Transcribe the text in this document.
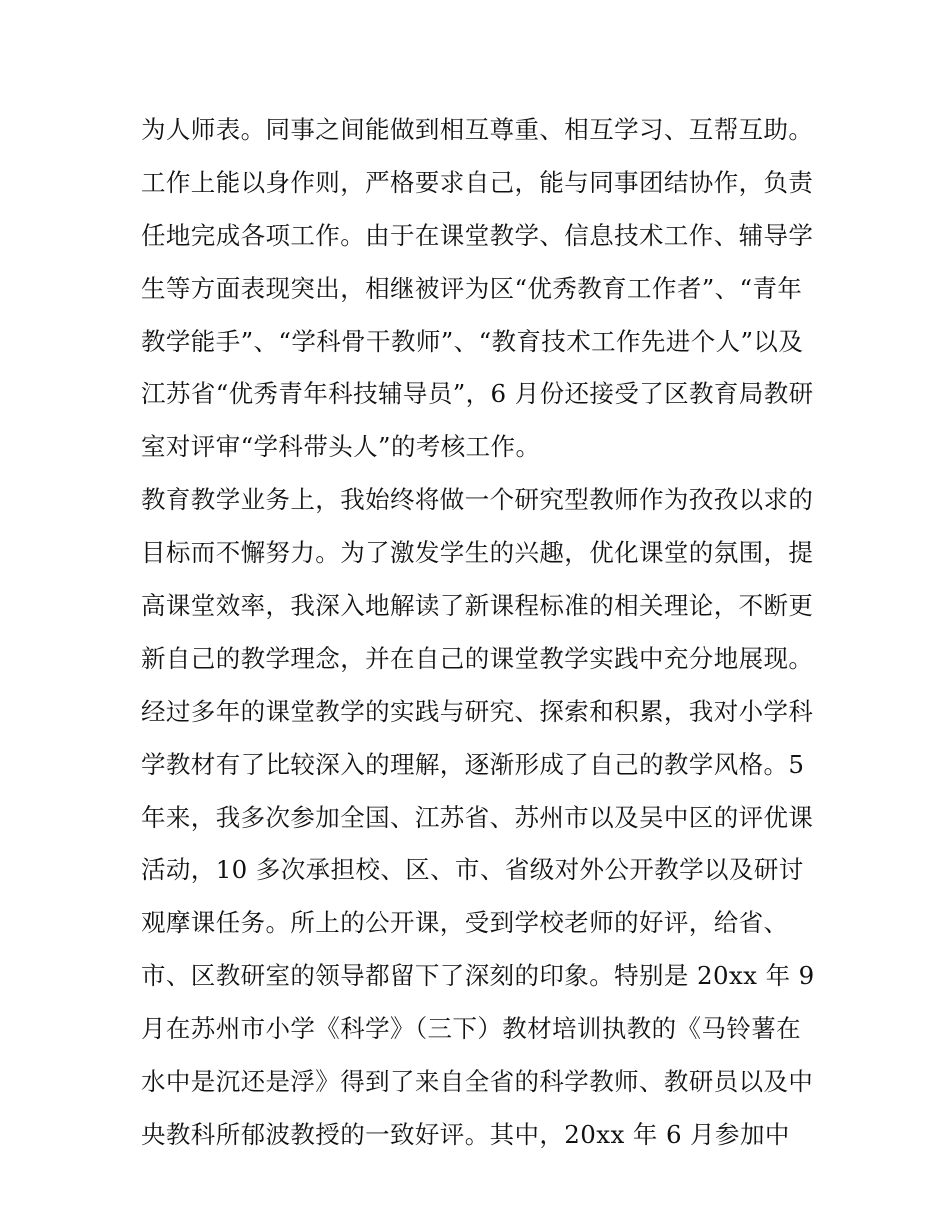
为人师表。同事之间能做到相互尊重、相互学习、互帮互助。
工作上能以身作则，严格要求自己，能与同事团结协作，负责
任地完成各项工作。由于在课堂教学、信息技术工作、辅导学
生等方面表现突出，相继被评为区“优秀教育工作者”、“青年
教学能手”、“学科骨干教师”、“教育技术工作先进个人”以及
江苏省“优秀青年科技辅导员”，6 月份还接受了区教育局教研
室对评审“学科带头人”的考核工作。
教育教学业务上，我始终将做一个研究型教师作为孜孜以求的
目标而不懈努力。为了激发学生的兴趣，优化课堂的氛围，提
高课堂效率，我深入地解读了新课程标准的相关理论，不断更
新自己的教学理念，并在自己的课堂教学实践中充分地展现。
经过多年的课堂教学的实践与研究、探索和积累，我对小学科
学教材有了比较深入的理解，逐渐形成了自己的教学风格。5
年来，我多次参加全国、江苏省、苏州市以及吴中区的评优课
活动，10 多次承担校、区、市、省级对外公开教学以及研讨
观摩课任务。所上的公开课，受到学校老师的好评，给省、
市、区教研室的领导都留下了深刻的印象。特别是 20xx 年 9
月在苏州市小学《科学》（三下）教材培训执教的《马铃薯在
水中是沉还是浮》得到了来自全省的科学教师、教研员以及中
央教科所郁波教授的一致好评。其中，20xx 年 6 月参加中
